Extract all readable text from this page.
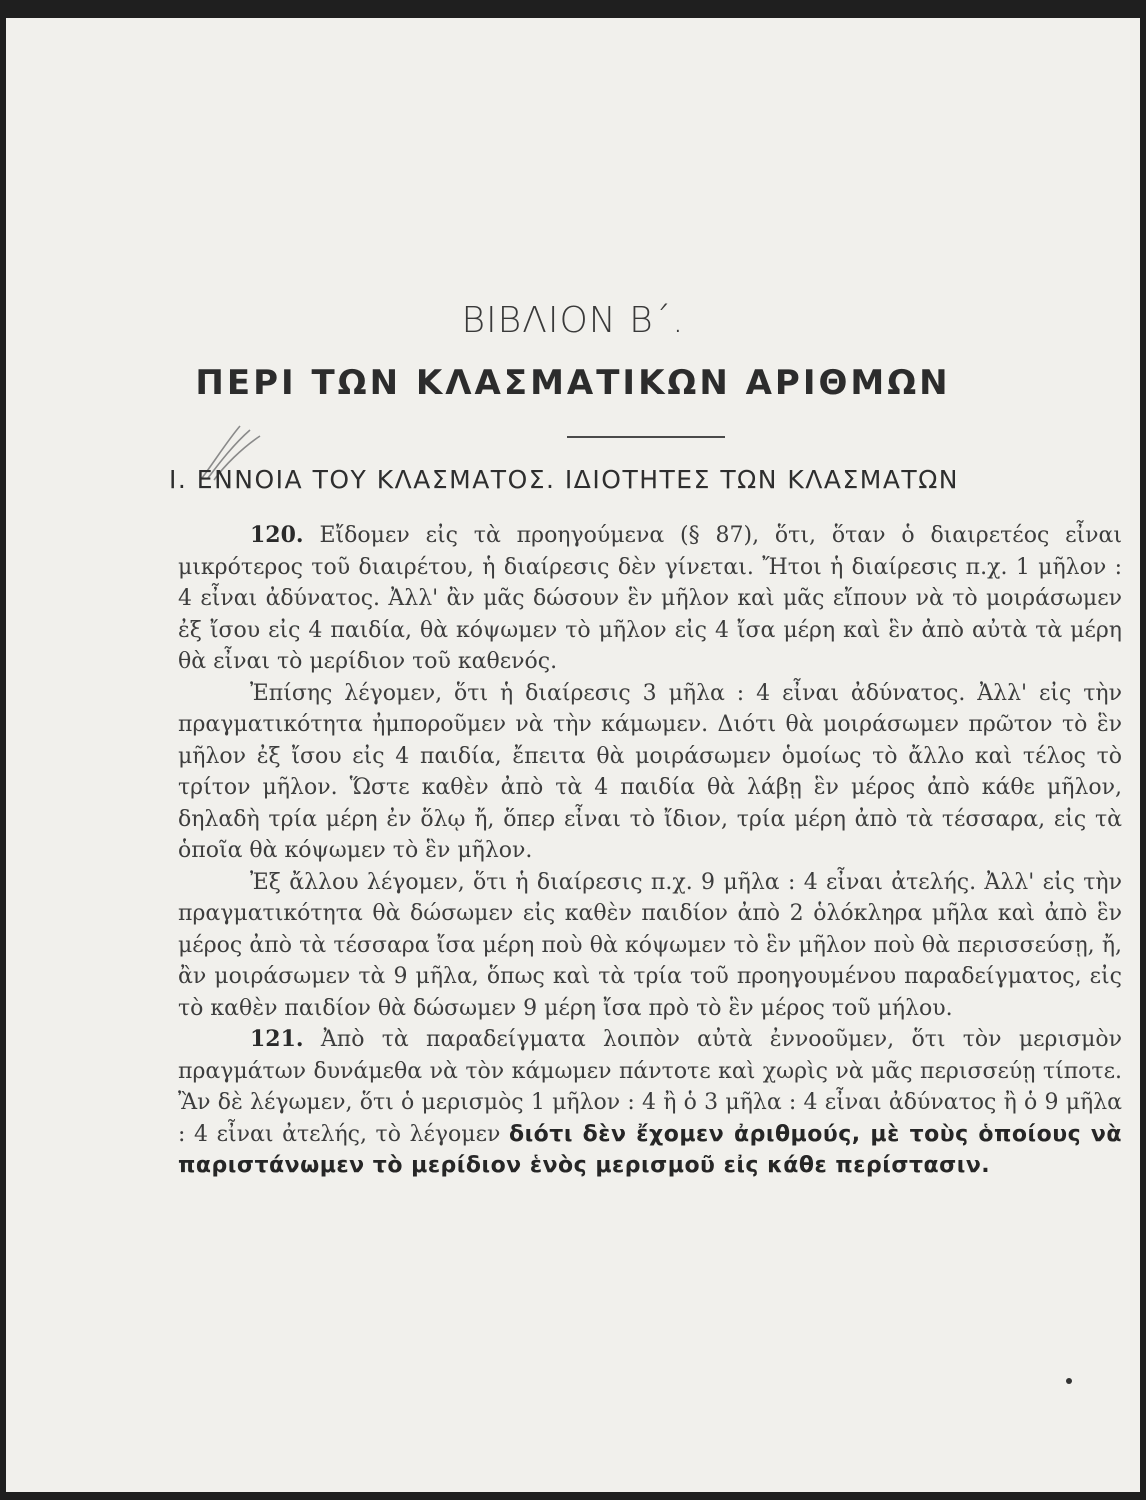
ΒΙΒΛΙΟΝ Β΄.
ΠΕΡΙ ΤΩΝ ΚΛΑΣΜΑΤΙΚΩΝ ΑΡΙΘΜΩΝ
Ι. ΕΝΝΟΙΑ ΤΟΥ ΚΛΑΣΜΑΤΟΣ. ΙΔΙΟΤΗΤΕΣ ΤΩΝ ΚΛΑΣΜΑΤΩΝ

120. Εἴδομεν εἰς τὰ προηγούμενα (§ 87), ὅτι, ὅταν ὁ διαιρετέος εἶναι μικρότερος τοῦ διαιρέτου, ἡ διαίρεσις δὲν γίνεται. Ἤτοι ἡ διαίρεσις π.χ. 1 μῆλον : 4 εἶναι ἀδύνατος. Ἀλλ' ἂν μᾶς δώσουν ἓν μῆλον καὶ μᾶς εἴπουν νὰ τὸ μοιράσωμεν ἐξ ἴσου εἰς 4 παιδία, θὰ κόψωμεν τὸ μῆλον εἰς 4 ἴσα μέρη καὶ ἓν ἀπὸ αὐτὰ τὰ μέρη θὰ εἶναι τὸ μερίδιον τοῦ καθενός.

Ἐπίσης λέγομεν, ὅτι ἡ διαίρεσις 3 μῆλα : 4 εἶναι ἀδύνατος. Ἀλλ' εἰς τὴν πραγματικότητα ἠμποροῦμεν νὰ τὴν κάμωμεν. Διότι θὰ μοιράσωμεν πρῶτον τὸ ἓν μῆλον ἐξ ἴσου εἰς 4 παιδία, ἔπειτα θὰ μοιράσωμεν ὁμοίως τὸ ἄλλο καὶ τέλος τὸ τρίτον μῆλον. Ὥστε καθὲν ἀπὸ τὰ 4 παιδία θὰ λάβῃ ἓν μέρος ἀπὸ κάθε μῆλον, δηλαδὴ τρία μέρη ἐν ὅλῳ ἤ, ὅπερ εἶναι τὸ ἴδιον, τρία μέρη ἀπὸ τὰ τέσσαρα, εἰς τὰ ὁποῖα θὰ κόψωμεν τὸ ἓν μῆλον.

Ἐξ ἄλλου λέγομεν, ὅτι ἡ διαίρεσις π.χ. 9 μῆλα : 4 εἶναι ἀτελής. Ἀλλ' εἰς τὴν πραγματικότητα θὰ δώσωμεν εἰς καθὲν παιδίον ἀπὸ 2 ὁλόκληρα μῆλα καὶ ἀπὸ ἓν μέρος ἀπὸ τὰ τέσσαρα ἴσα μέρη ποὺ θὰ κόψωμεν τὸ ἓν μῆλον ποὺ θὰ περισσεύσῃ, ἤ, ἂν μοιράσωμεν τὰ 9 μῆλα, ὅπως καὶ τὰ τρία τοῦ προηγουμένου παραδείγματος, εἰς τὸ καθὲν παιδίον θὰ δώσωμεν 9 μέρη ἴσα πρὸ τὸ ἓν μέρος τοῦ μήλου.

121. Ἀπὸ τὰ παραδείγματα λοιπὸν αὐτὰ ἐννοοῦμεν, ὅτι τὸν μερισμὸν πραγμάτων δυνάμεθα νὰ τὸν κάμωμεν πάντοτε καὶ χωρὶς νὰ μᾶς περισσεύῃ τίποτε. Ἂν δὲ λέγωμεν, ὅτι ὁ μερισμὸς 1 μῆλον : 4 ἢ ὁ 3 μῆλα : 4 εἶναι ἀδύνατος ἢ ὁ 9 μῆλα : 4 εἶναι ἀτελής, τὸ λέγομεν διότι δὲν ἔχομεν ἀριθμούς, μὲ τοὺς ὁποίους νὰ παριστάνωμεν τὸ μερίδιον ἑνὸς μερισμοῦ εἰς κάθε περίστασιν.
